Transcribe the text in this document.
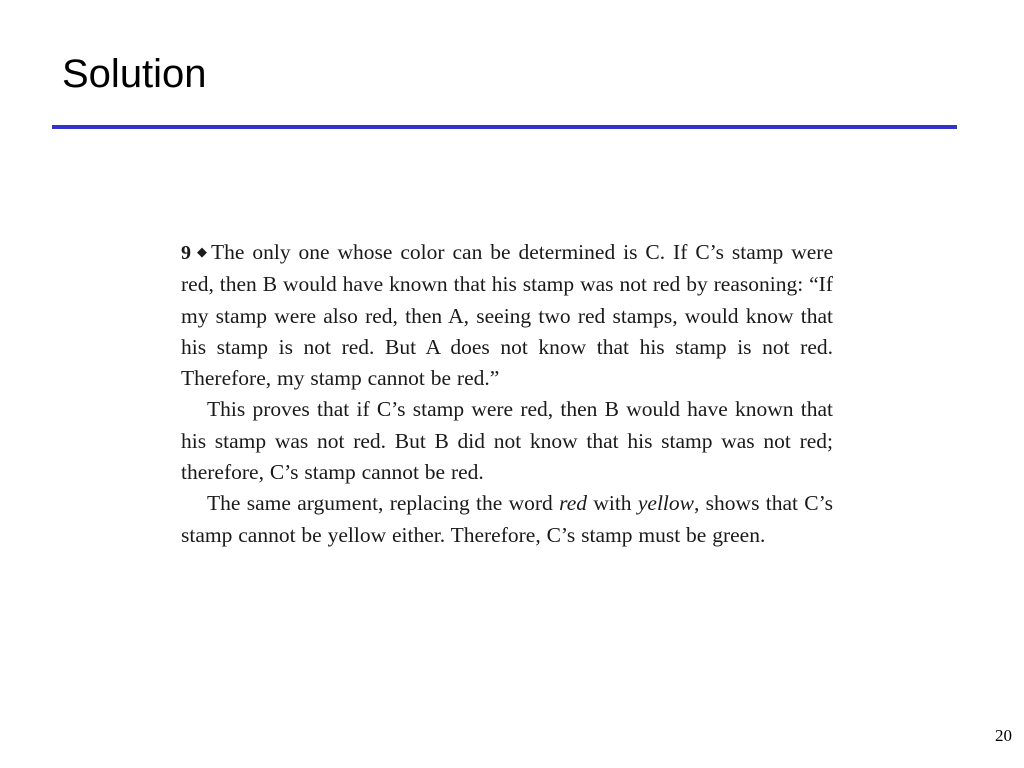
Solution

9 ◆ The only one whose color can be determined is C. If C’s stamp were red, then B would have known that his stamp was not red by reasoning: “If my stamp were also red, then A, seeing two red stamps, would know that his stamp is not red. But A does not know that his stamp is not red. Therefore, my stamp cannot be red.”

This proves that if C’s stamp were red, then B would have known that his stamp was not red. But B did not know that his stamp was not red; therefore, C’s stamp cannot be red.

The same argument, replacing the word red with yellow, shows that C’s stamp cannot be yellow either. Therefore, C’s stamp must be green.

20
